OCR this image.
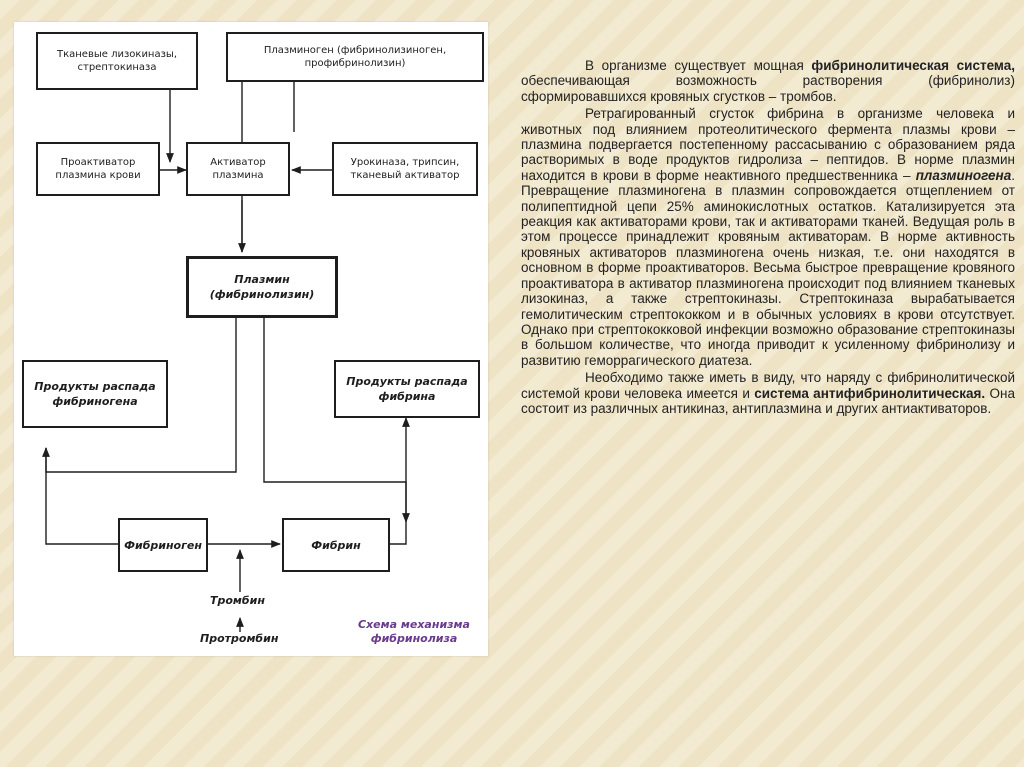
Тканевые лизокиназы, стрептокиназа
Плазминоген (фибринолизиноген, профибринолизин)
Проактиватор плазмина крови
Активатор плазмина
Урокиназа, трипсин, тканевый активатор
Плазмин (фибринолизин)
Продукты распада фибриногена
Продукты распада фибрина
Фибриноген	Фибрин
Тромбин
Протромбин
Схема механизма фибринолиза

В организме существует мощная фибринолитическая система, обеспечивающая возможность растворения (фибринолиз) сформировавшихся кровяных сгустков – тромбов.

Ретрагированный сгусток фибрина в организме человека и животных под влиянием протеолитического фермента плазмы крови – плазмина подвергается постепенному рассасыванию с образованием ряда растворимых в воде продуктов гидролиза – пептидов. В норме плазмин находится в крови в форме неактивного предшественника – плазминогена. Превращение плазминогена в плазмин сопровождается отщеплением от полипептидной цепи 25% аминокислотных остатков. Катализируется эта реакция как активаторами крови, так и активаторами тканей. Ведущая роль в этом процессе принадлежит кровяным активаторам. В норме активность кровяных активаторов плазминогена очень низкая, т.е. они находятся в основном в форме проактиваторов. Весьма быстрое превращение кровяного проактиватора в активатор плазминогена происходит под влиянием тканевых лизокиназ, а также стрептокиназы. Стрептокиназа вырабатывается гемолитическим стрептококком и в обычных условиях в крови отсутствует. Однако при стрептококковой инфекции возможно образование стрептокиназы в большом количестве, что иногда приводит к усиленному фибринолизу и развитию геморрагического диатеза.

Необходимо также иметь в виду, что наряду с фибринолитической системой крови человека имеется и система антифибринолитическая. Она состоит из различных антикиназ, антиплазмина и других антиактиваторов.
